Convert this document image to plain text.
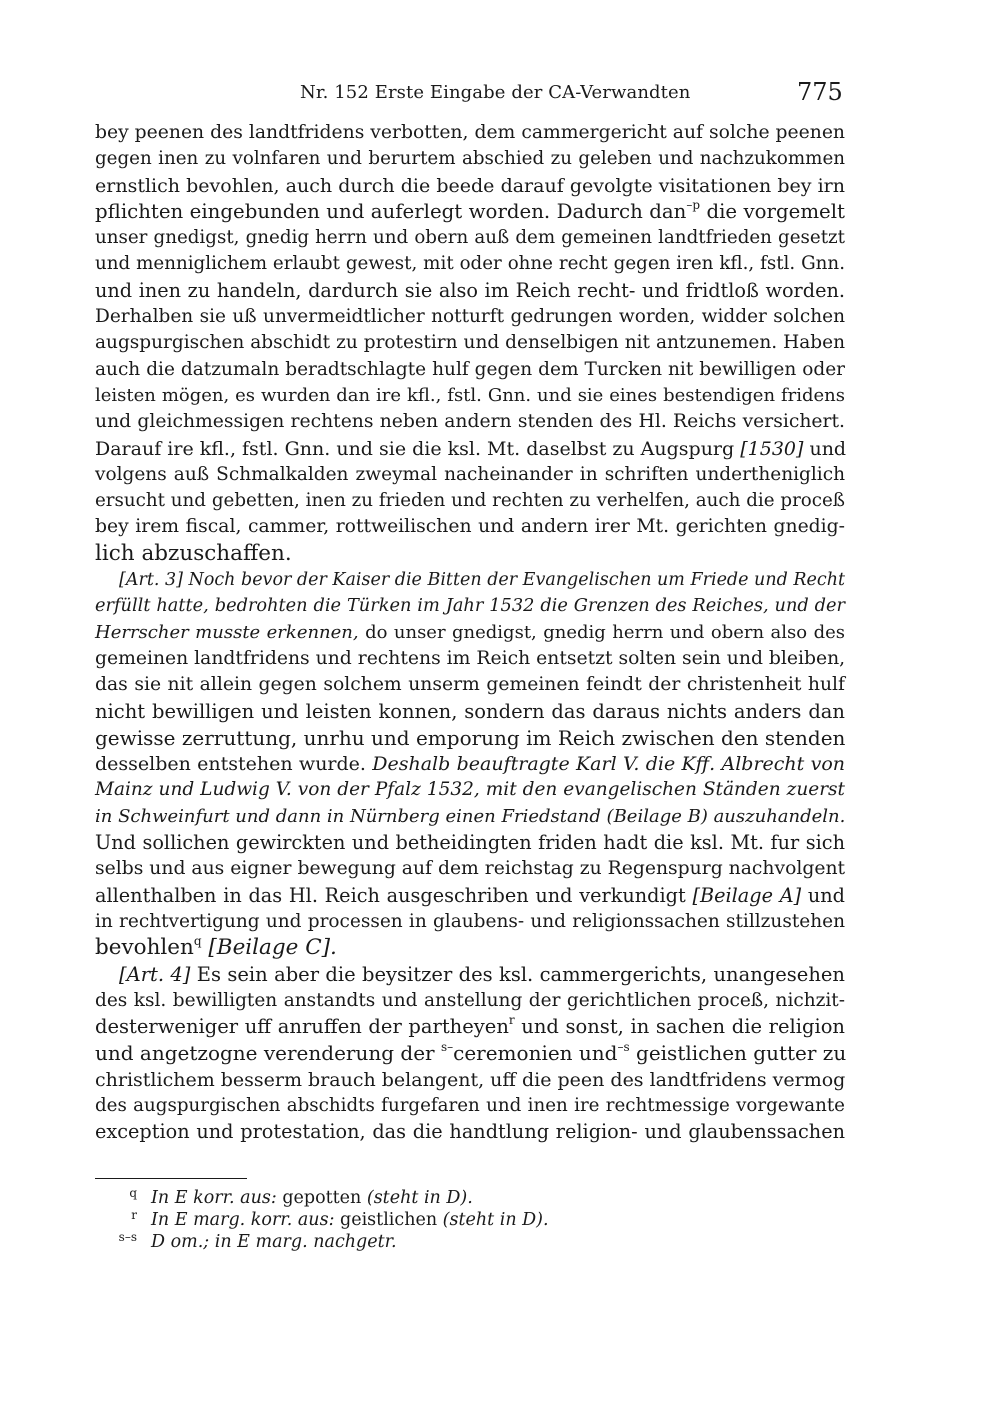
Nr. 152 Erste Eingabe der CA-Verwandten	775
bey peenen des landtfridens verbotten, dem cammergericht auf solche peenen
gegen inen zu volnfaren und berurtem abschied zu geleben und nachzukommen
ernstlich bevohlen, auch durch die beede darauf gevolgte visitationen bey irn
pflichten eingebunden und auferlegt worden. Dadurch dan$^{-p}$ die vorgemelt
unser gnedigst, gnedig herrn und obern auß dem gemeinen landtfrieden gesetzt
und menniglichem erlaubt gewest, mit oder ohne recht gegen iren kfl., fstl. Gnn.
und inen zu handeln, dardurch sie also im Reich recht- und fridtloß worden.
Derhalben sie uß unvermeidtlicher notturft gedrungen worden, widder solchen
augspurgischen abschidt zu protestirn und denselbigen nit antzunemen. Haben
auch die datzumaln beradtschlagte hulf gegen dem Turcken nit bewilligen oder
leisten mögen, es wurden dan ire kfl., fstl. Gnn. und sie eines bestendigen fridens
und gleichmessigen rechtens neben andern stenden des Hl. Reichs versichert.
Darauf ire kfl., fstl. Gnn. und sie die ksl. Mt. daselbst zu Augspurg [1530] und
volgens auß Schmalkalden zweymal nacheinander in schriften undertheniglich
ersucht und gebetten, inen zu frieden und rechten zu verhelfen, auch die proceß
bey irem fiscal, cammer, rottweilischen und andern irer Mt. gerichten gnedig-
lich abzuschaffen.
[Art. 3] Noch bevor der Kaiser die Bitten der Evangelischen um Friede und Recht
erfüllt hatte, bedrohten die Türken im Jahr 1532 die Grenzen des Reiches, und der
Herrscher musste erkennen, do unser gnedigst, gnedig herrn und obern also des
gemeinen landtfridens und rechtens im Reich entsetzt solten sein und bleiben,
das sie nit allein gegen solchem unserm gemeinen feindt der christenheit hulf
nicht bewilligen und leisten konnen, sondern das daraus nichts anders dan
gewisse zerruttung, unrhu und emporung im Reich zwischen den stenden
desselben entstehen wurde. Deshalb beauftragte Karl V. die Kff. Albrecht von
Mainz und Ludwig V. von der Pfalz 1532, mit den evangelischen Ständen zuerst
in Schweinfurt und dann in Nürnberg einen Friedstand (Beilage B) auszuhandeln.
Und sollichen gewirckten und betheidingten friden hadt die ksl. Mt. fur sich
selbs und aus eigner bewegung auf dem reichstag zu Regenspurg nachvolgent
allenthalben in das Hl. Reich ausgeschriben und verkundigt [Beilage A] und
in rechtvertigung und processen in glaubens- und religionssachen stillzustehen
bevohlen$^q$ [Beilage C].
[Art. 4] Es sein aber die beysitzer des ksl. cammergerichts, unangesehen
des ksl. bewilligten anstandts und anstellung der gerichtlichen proceß, nichzit-
desterweniger uff anruffen der partheyen$^r$ und sonst, in sachen die religion
und angetzogne verenderung der $^{s-}$ceremonien und$^{-s}$ geistlichen gutter zu
christlichem besserm brauch belangent, uff die peen des landtfridens vermog
des augspurgischen abschidts furgefaren und inen ire rechtmessige vorgewante
exception und protestation, das die handtlung religion- und glaubenssachen
q In E korr. aus: gepotten (steht in D).
r In E marg. korr. aus: geistlichen (steht in D).
s–s D om.; in E marg. nachgetr.
